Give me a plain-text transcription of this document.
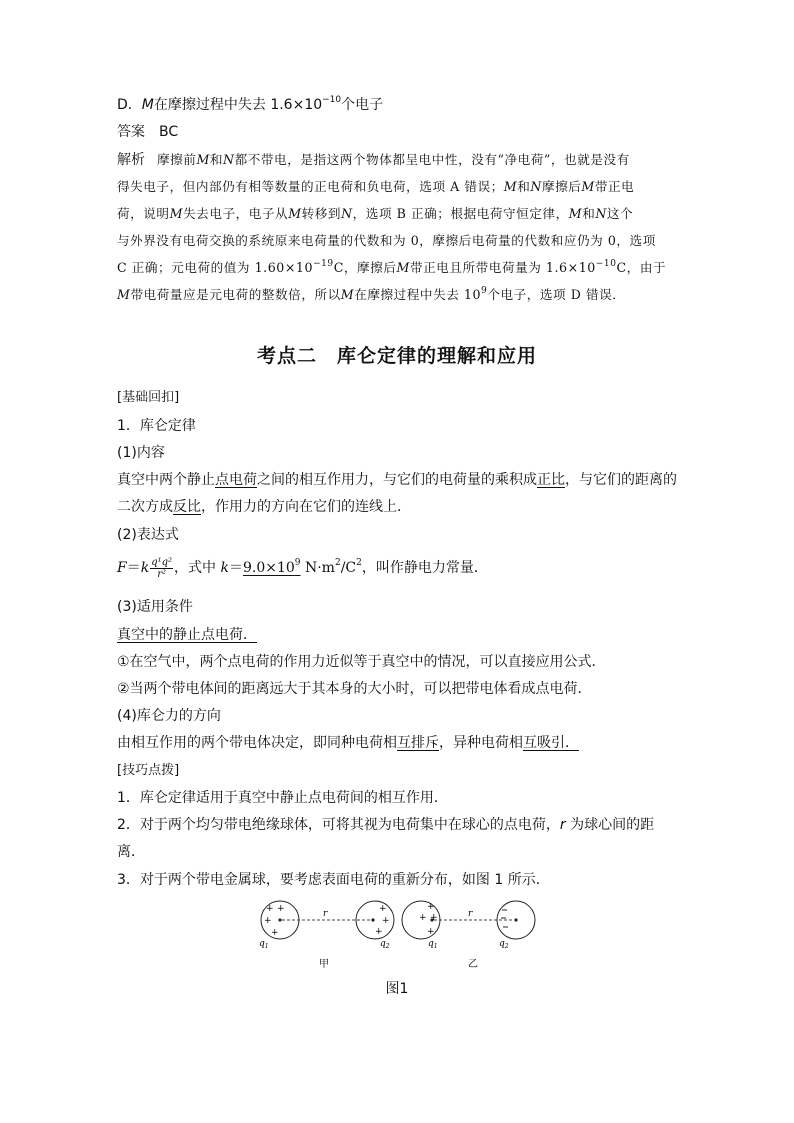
D．M在摩擦过程中失去 $1.6\times 10^{-10}$个电子
答案 BC
解析 摩擦前M和N都不带电，是指这两个物体都呈电中性，没有“净电荷”，也就是没有
得失电子，但内部仍有相等数量的正电荷和负电荷，选项 A 错误；M和N摩擦后M带正电
荷，说明M失去电子，电子从M转移到N，选项 B 正确；根据电荷守恒定律，M和N这个
与外界没有电荷交换的系统原来电荷量的代数和为 0，摩擦后电荷量的代数和应仍为 0，选项
C 正确；元电荷的值为 $1.60\times 10^{-19}C$，摩擦后M带正电且所带电荷量为 $1.6\times 10^{-10}C$，由于
M带电荷量应是元电荷的整数倍，所以M在摩擦过程中失去 $10^9$个电子，选项 D 错误．
考点二　库仑定律的理解和应用
[基础回扣]
1．库仑定律
(1)内容
真空中两个静止点电荷之间的相互作用力，与它们的电荷量的乘积成正比，与它们的距离的
二次方成反比，作用力的方向在它们的连线上．
(2)表达式
$F=k \frac{\text{q¹q²}}{\text{r²}}$ ，式中 $k=9.0\times 10^9$ $N\cdot m^2/C^2$，叫作静电力常量．
(3)适用条件
真空中的静止点电荷．
①在空气中，两个点电荷的作用力近似等于真空中的情况，可以直接应用公式．
②当两个带电体间的距离远大于其本身的大小时，可以把带电体看成点电荷．
(4)库仑力的方向
由相互作用的两个带电体决定，即同种电荷相互排斥，异种电荷相互吸引．
[技巧点拨]
1．库仑定律适用于真空中静止点电荷间的相互作用．
2．对于两个均匀带电绝缘球体，可将其视为电荷集中在球心的点电荷，r 为球心间的距
离．
3．对于两个带电金属球，要考虑表面电荷的重新分布，如图 1 所示．
+ +
+
+
r	+
+
+
$q_1$	$q_2$
甲
+
+
+
+
r
$q_1$	$q_2$
乙
图1
